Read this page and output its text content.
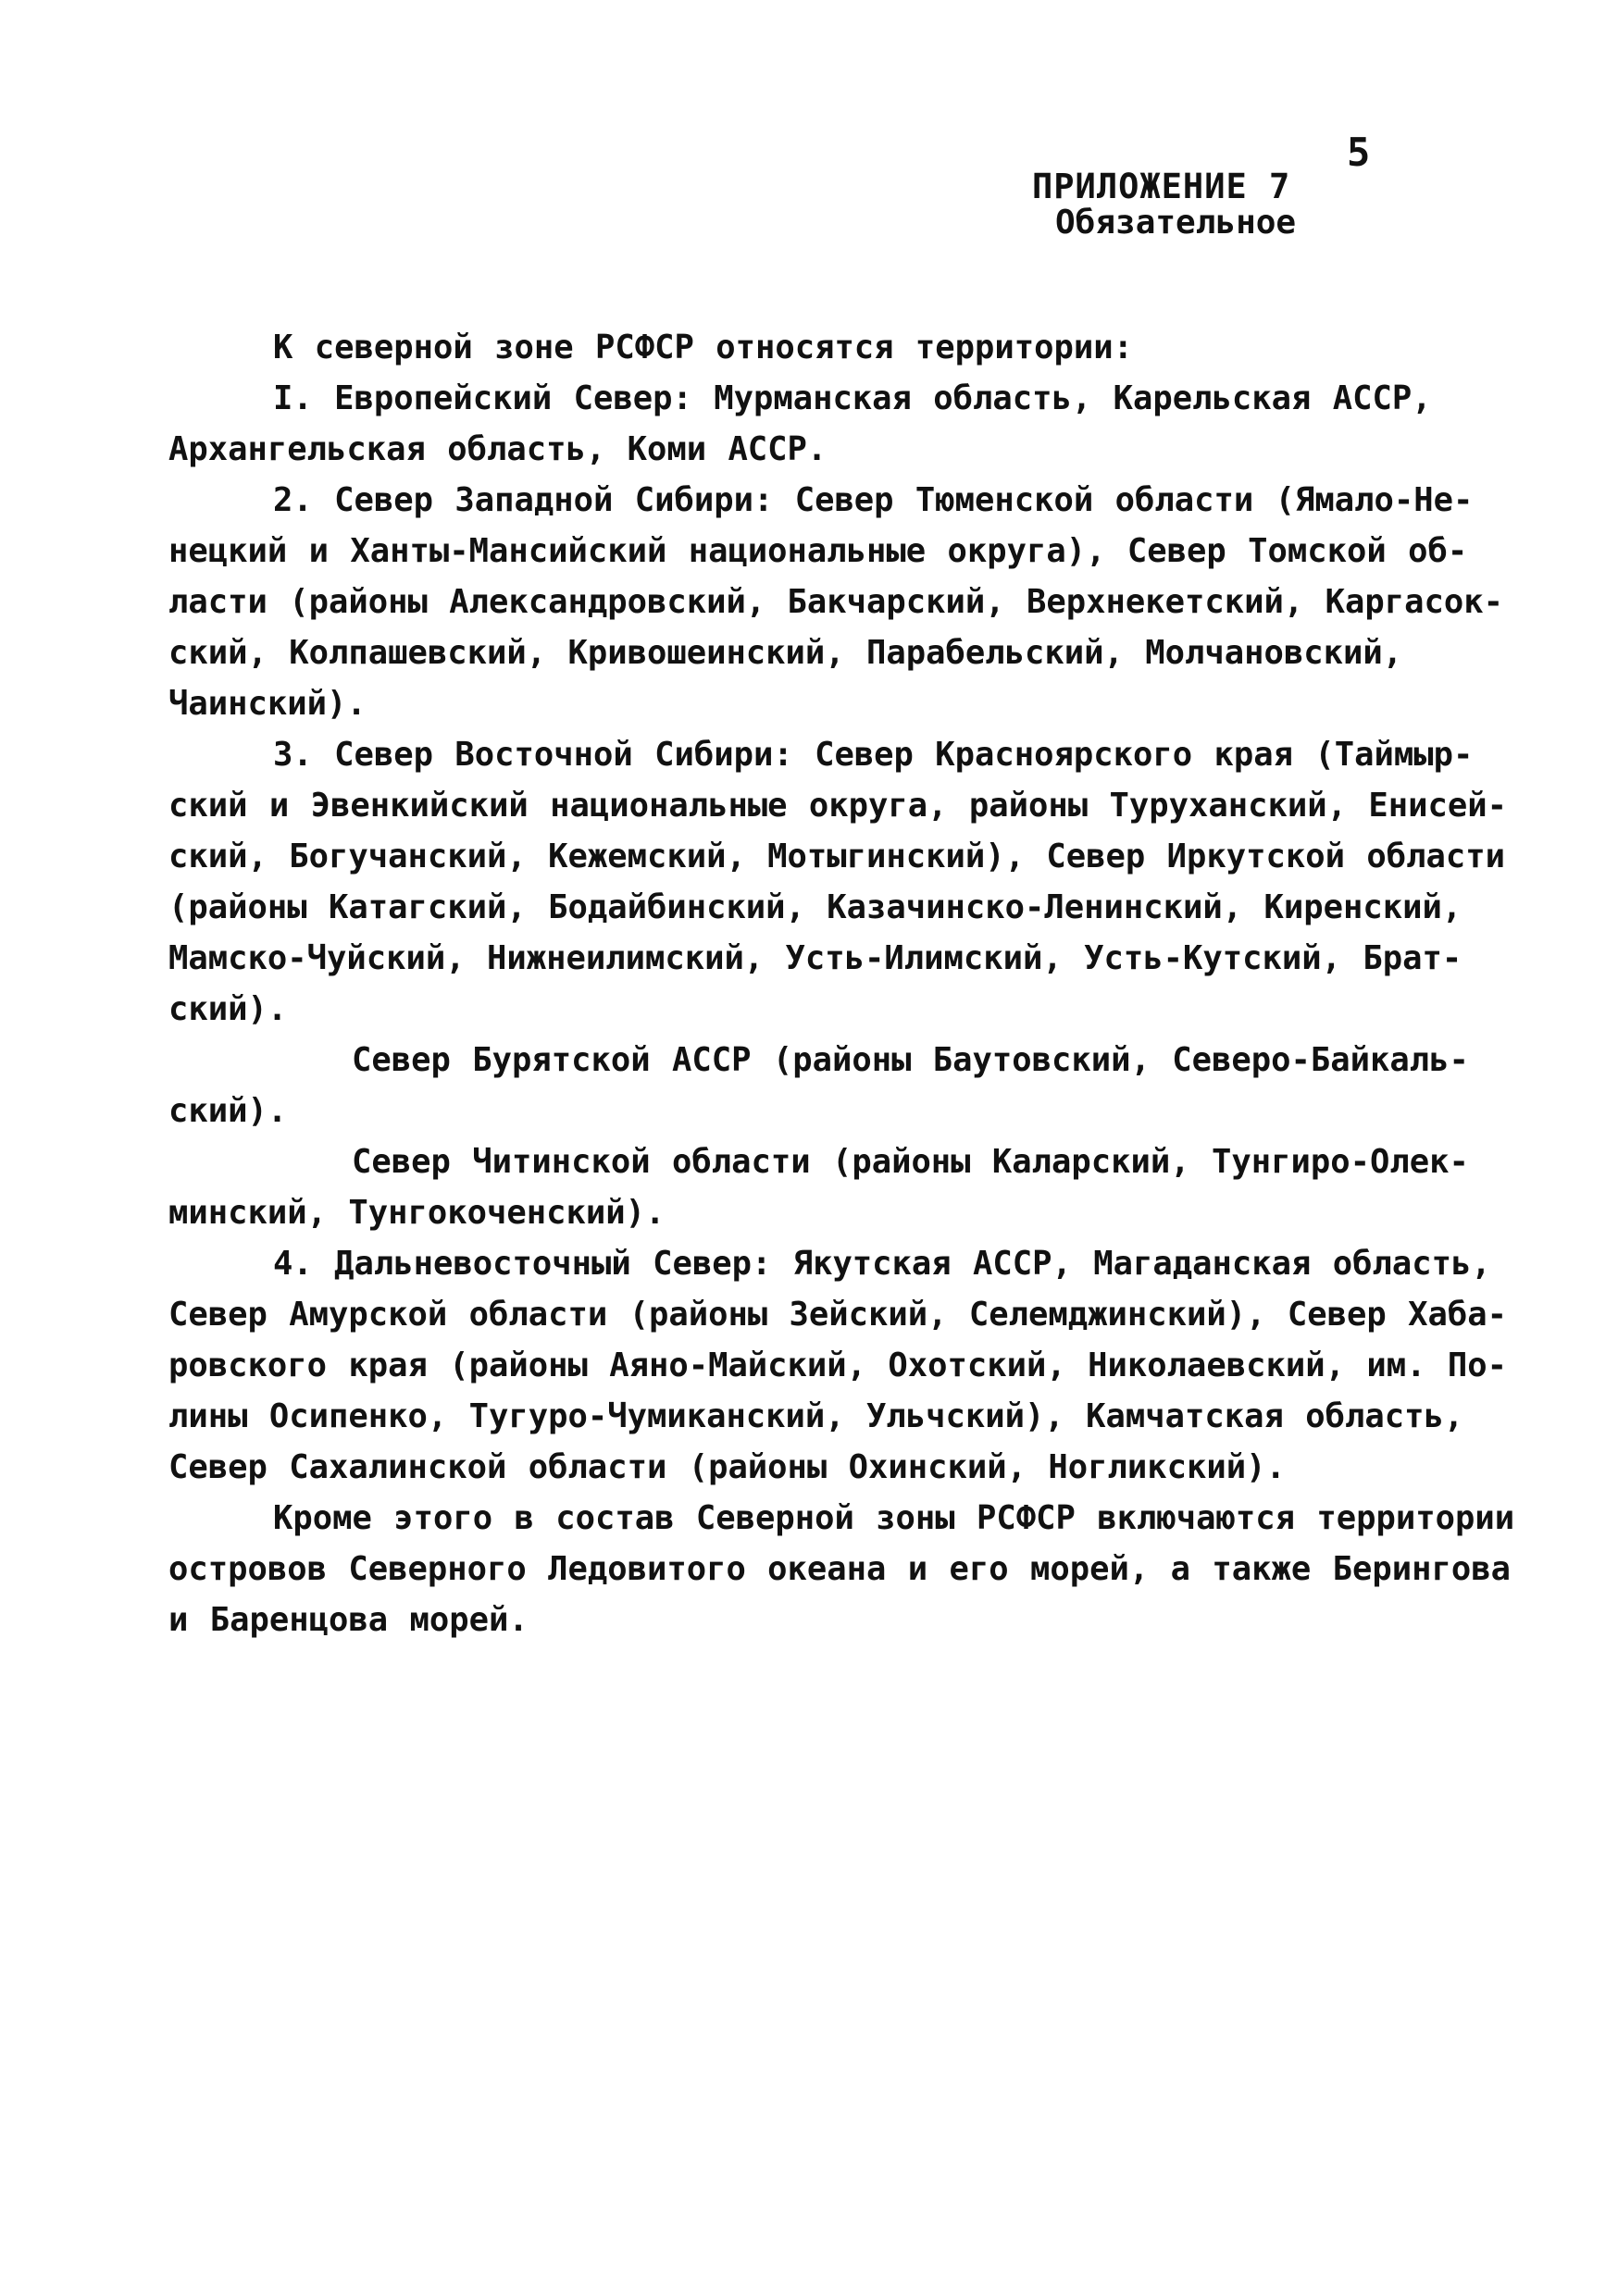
5
ПРИЛОЖЕНИЕ 7
Обязательное
К северной зоне РСФСР относятся территории:
I. Европейский Север: Мурманская область, Карельская АССР,
Архангельская область, Коми АССР.
2. Север Западной Сибири: Север Тюменской области (Ямало-Не-
нецкий и Ханты-Мансийский национальные округа), Север Томской об-
ласти (районы Александровский, Бакчарский, Верхнекетский, Каргасок-
ский, Колпашевский, Кривошеинский, Парабельский, Молчановский,
Чаинский).
3. Север Восточной Сибири: Север Красноярского края (Таймыр-
ский и Эвенкийский национальные округа, районы Туруханский, Енисей-
ский, Богучанский, Кежемский, Мотыгинский), Север Иркутской области
(районы Катагский, Бодайбинский, Казачинско-Ленинский, Киренский,
Мамско-Чуйский, Нижнеилимский, Усть-Илимский, Усть-Кутский, Брат-
ский).
Север Бурятской АССР (районы Баутовский, Северо-Байкаль-
ский).
Север Читинской области (районы Каларский, Тунгиро-Олек-
минский, Тунгокоченский).
4. Дальневосточный Север: Якутская АССР, Магаданская область,
Север Амурской области (районы Зейский, Селемджинский), Север Хаба-
ровского края (районы Аяно-Майский, Охотский, Николаевский, им. По-
лины Осипенко, Тугуро-Чумиканский, Ульчский), Камчатская область,
Север Сахалинской области (районы Охинский, Ногликский).
Кроме этого в состав Северной зоны РСФСР включаются территории
островов Северного Ледовитого океана и его морей, а также Берингова
и Баренцова морей.
